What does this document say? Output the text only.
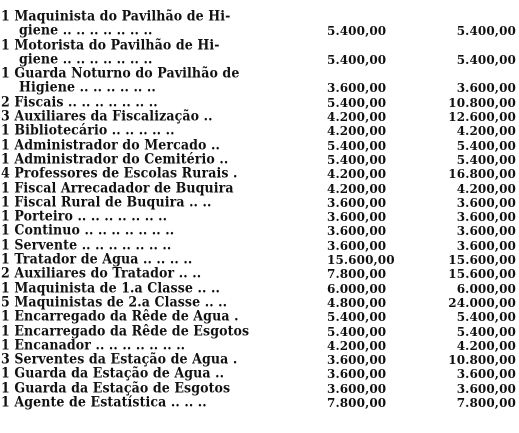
1 Maquinista do Pavilhão de Hi-
giene .. .. .. .. .. .. ..	5.400,00	5.400,00
1 Motorista do Pavilhão de Hi-
giene .. .. .. .. .. .. ..	5.400,00	5.400,00
1 Guarda Noturno do Pavilhão de
Higiene .. .. .. .. .. ..	3.600,00	3.600,00
2 Fiscais .. .. .. .. .. .. ..	5.400,00	10.800,00
3 Auxiliares da Fiscalização ..	4.200,00	12.600,00
1 Bibliotecário .. .. .. .. ..	4.200,00	4.200,00
1 Administrador do Mercado ..	5.400,00	5.400,00
1 Administrador do Cemitério ..	5.400,00	5.400,00
4 Professores de Escolas Rurais .	4.200,00	16.800,00
1 Fiscal Arrecadador de Buquira	4.200,00	4.200,00
1 Fiscal Rural de Buquira .. ..	3.600,00	3.600,00
1 Porteiro .. .. .. .. .. .. ..	3.600,00	3.600,00
1 Continuo .. .. .. .. .. .. ..	3.600,00	3.600,00
1 Servente .. .. .. .. .. .. ..	3.600,00	3.600,00
1 Tratador de Agua .. .. .. ..	15.600,00	15.600,00
2 Auxiliares do Tratador .. ..	7.800,00	15.600,00
1 Maquinista de 1.a Classe .. ..	6.000,00	6.000,00
5 Maquinistas de 2.a Classe .. ..	4.800,00	24.000,00
1 Encarregado da Rêde de Agua .	5.400,00	5.400,00
1 Encarregado da Rêde de Esgotos	5.400,00	5.400,00
1 Encanador .. .. .. .. .. .. ..	4.200,00	4.200,00
3 Serventes da Estação de Agua .	3.600,00	10.800,00
1 Guarda da Estação de Agua ..	3.600,00	3.600,00
1 Guarda da Estação de Esgotos	3.600,00	3.600,00
1 Agente de Estatística .. .. ..	7.800,00	7.800,00
